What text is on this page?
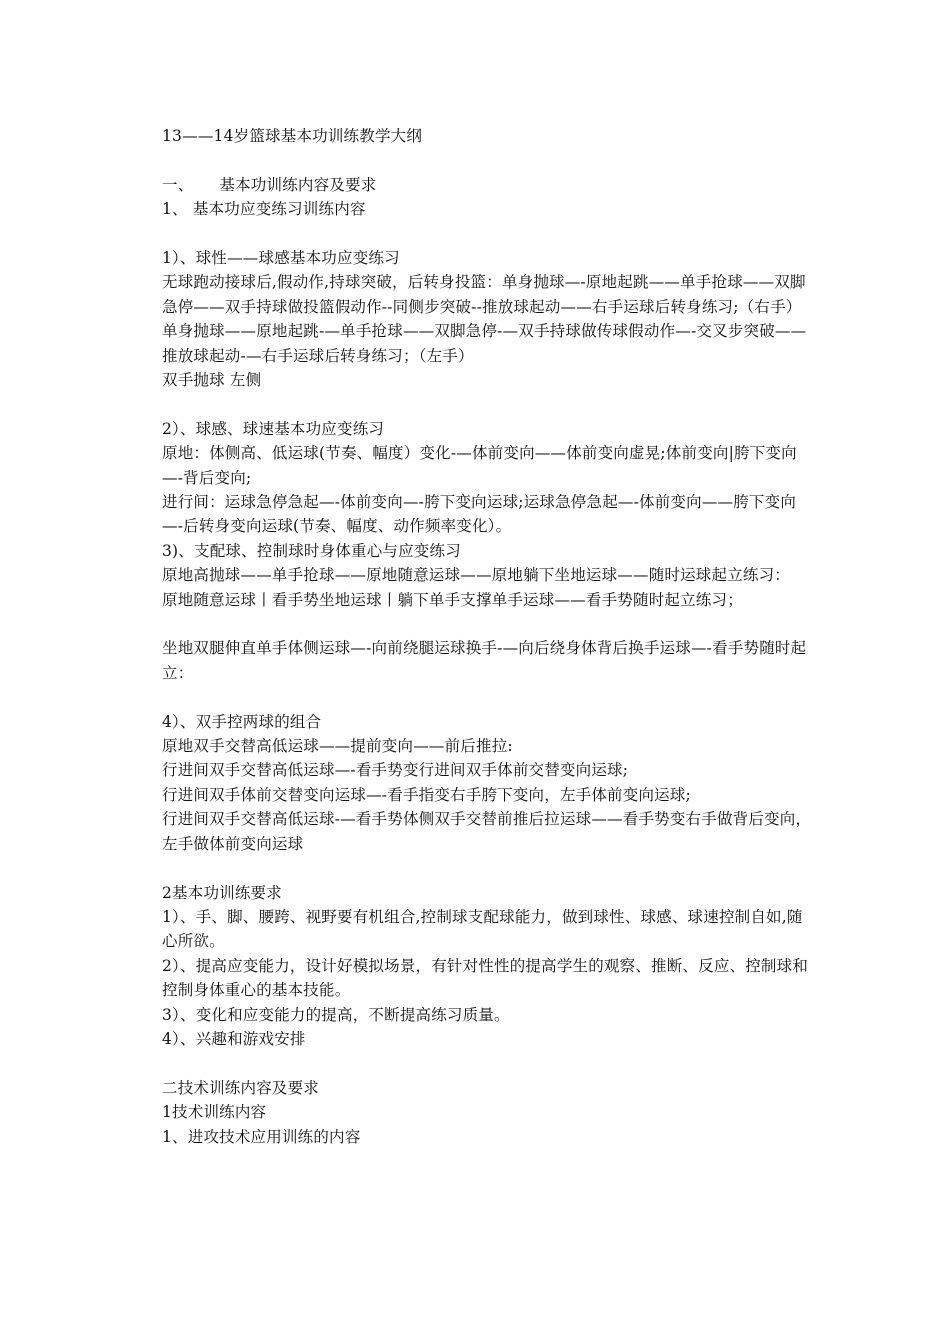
13——14岁篮球基本功训练教学大纲
一、 基本功训练内容及要求
1、 基本功应变练习训练内容
1）、球性——球感基本功应变练习
无球跑动接球后,假动作,持球突破，后转身投篮：单身抛球—-原地起跳——单手抢球——双脚急停——双手持球做投篮假动作--同侧步突破--推放球起动——右手运球后转身练习;（右手）
单身抛球——原地起跳-—单手抢球——双脚急停-—双手持球做传球假动作—-交叉步突破——推放球起动-—右手运球后转身练习；（左手）
双手抛球 左侧
2）、球感、球速基本功应变练习
原地：体侧高、低运球(节奏、幅度）变化-—体前变向——体前变向虚晃;体前变向|胯下变向—-背后变向;
进行间：运球急停急起—-体前变向—-胯下变向运球;运球急停急起—-体前变向——胯下变向—-后转身变向运球(节奏、幅度、动作频率变化）。
3)、支配球、控制球时身体重心与应变练习
原地高抛球——单手抢球——原地随意运球——原地躺下坐地运球——随时运球起立练习：
原地随意运球丨看手势坐地运球丨躺下单手支撑单手运球——看手势随时起立练习；
坐地双腿伸直单手体侧运球—-向前绕腿运球换手-—向后绕身体背后换手运球—-看手势随时起立：
4）、双手控两球的组合
原地双手交替高低运球——提前变向——前后推拉:
行进间双手交替高低运球—-看手势变行进间双手体前交替变向运球;
行进间双手体前交替变向运球—-看手指变右手胯下变向，左手体前变向运球;
行进间双手交替高低运球-—看手势体侧双手交替前推后拉运球——看手势变右手做背后变向，左手做体前变向运球
2基本功训练要求
1）、手、脚、腰跨、视野要有机组合,控制球支配球能力，做到球性、球感、球速控制自如,随心所欲。
2）、提高应变能力，设计好模拟场景，有针对性性的提高学生的观察、推断、反应、控制球和控制身体重心的基本技能。
3）、变化和应变能力的提高，不断提高练习质量。
4）、兴趣和游戏安排
二技术训练内容及要求
1技术训练内容
1、进攻技术应用训练的内容
